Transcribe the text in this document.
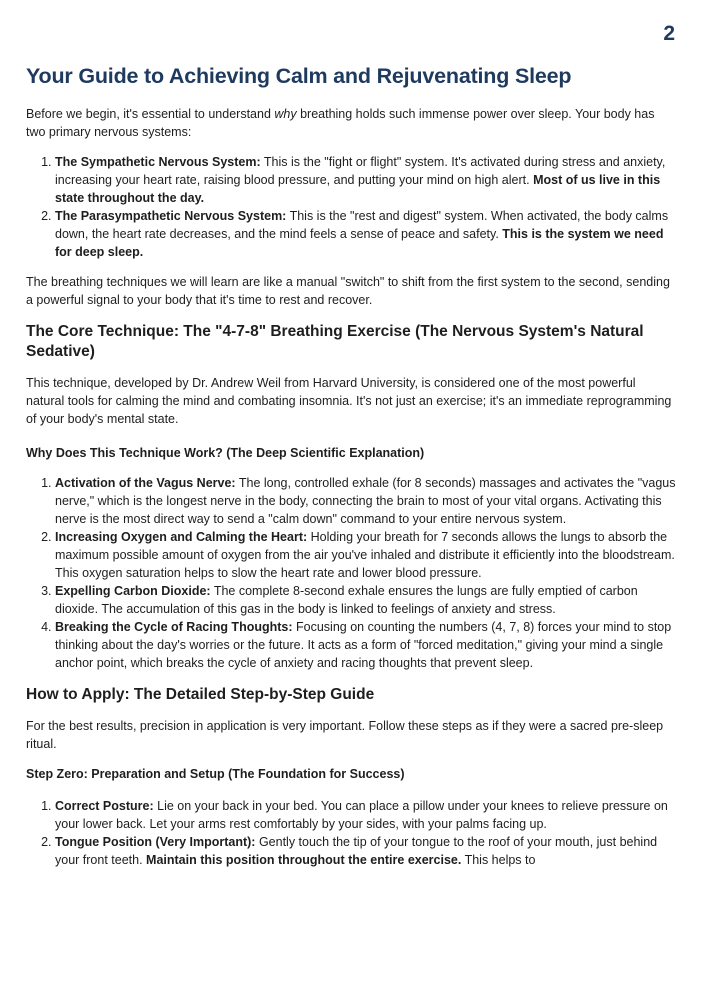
2
Your Guide to Achieving Calm and Rejuvenating Sleep

Before we begin, it's essential to understand why breathing holds such immense power over sleep. Your body has two primary nervous systems:

1. The Sympathetic Nervous System: This is the "fight or flight" system. It's activated during stress and anxiety, increasing your heart rate, raising blood pressure, and putting your mind on high alert. Most of us live in this state throughout the day.
2. The Parasympathetic Nervous System: This is the "rest and digest" system. When activated, the body calms down, the heart rate decreases, and the mind feels a sense of peace and safety. This is the system we need for deep sleep.

The breathing techniques we will learn are like a manual "switch" to shift from the first system to the second, sending a powerful signal to your body that it's time to rest and recover.

The Core Technique: The "4-7-8" Breathing Exercise (The Nervous System's Natural Sedative)

This technique, developed by Dr. Andrew Weil from Harvard University, is considered one of the most powerful natural tools for calming the mind and combating insomnia. It's not just an exercise; it's an immediate reprogramming of your body's mental state.

Why Does This Technique Work? (The Deep Scientific Explanation)
1. Activation of the Vagus Nerve: The long, controlled exhale (for 8 seconds) massages and activates the "vagus nerve," which is the longest nerve in the body, connecting the brain to most of your vital organs. Activating this nerve is the most direct way to send a "calm down" command to your entire nervous system.
2. Increasing Oxygen and Calming the Heart: Holding your breath for 7 seconds allows the lungs to absorb the maximum possible amount of oxygen from the air you've inhaled and distribute it efficiently into the bloodstream. This oxygen saturation helps to slow the heart rate and lower blood pressure.
3. Expelling Carbon Dioxide: The complete 8-second exhale ensures the lungs are fully emptied of carbon dioxide. The accumulation of this gas in the body is linked to feelings of anxiety and stress.
4. Breaking the Cycle of Racing Thoughts: Focusing on counting the numbers (4, 7, 8) forces your mind to stop thinking about the day's worries or the future. It acts as a form of "forced meditation," giving your mind a single anchor point, which breaks the cycle of anxiety and racing thoughts that prevent sleep.
How to Apply: The Detailed Step-by-Step Guide

For the best results, precision in application is very important. Follow these steps as if they were a sacred pre-sleep ritual.

Step Zero: Preparation and Setup (The Foundation for Success)
1. Correct Posture: Lie on your back in your bed. You can place a pillow under your knees to relieve pressure on your lower back. Let your arms rest comfortably by your sides, with your palms facing up.
2. Tongue Position (Very Important): Gently touch the tip of your tongue to the roof of your mouth, just behind your front teeth. Maintain this position throughout the entire exercise. This helps to
